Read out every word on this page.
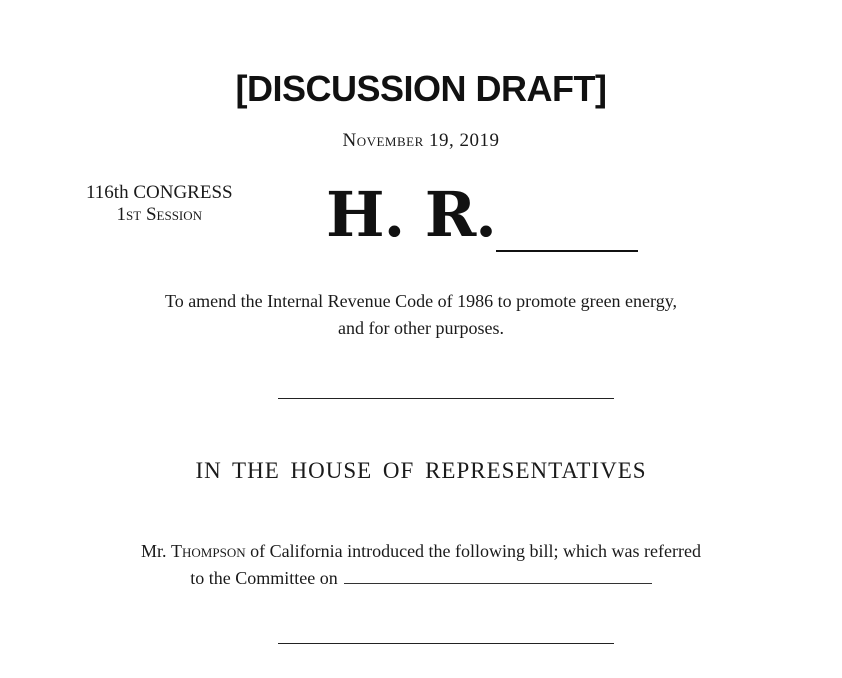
[DISCUSSION DRAFT]
November 19, 2019
116th CONGRESS
1st Session	H. R.
To amend the Internal Revenue Code of 1986 to promote green energy,
and for other purposes.
IN THE HOUSE OF REPRESENTATIVES
Mr. Thompson of California introduced the following bill; which was referred
to the Committee on
